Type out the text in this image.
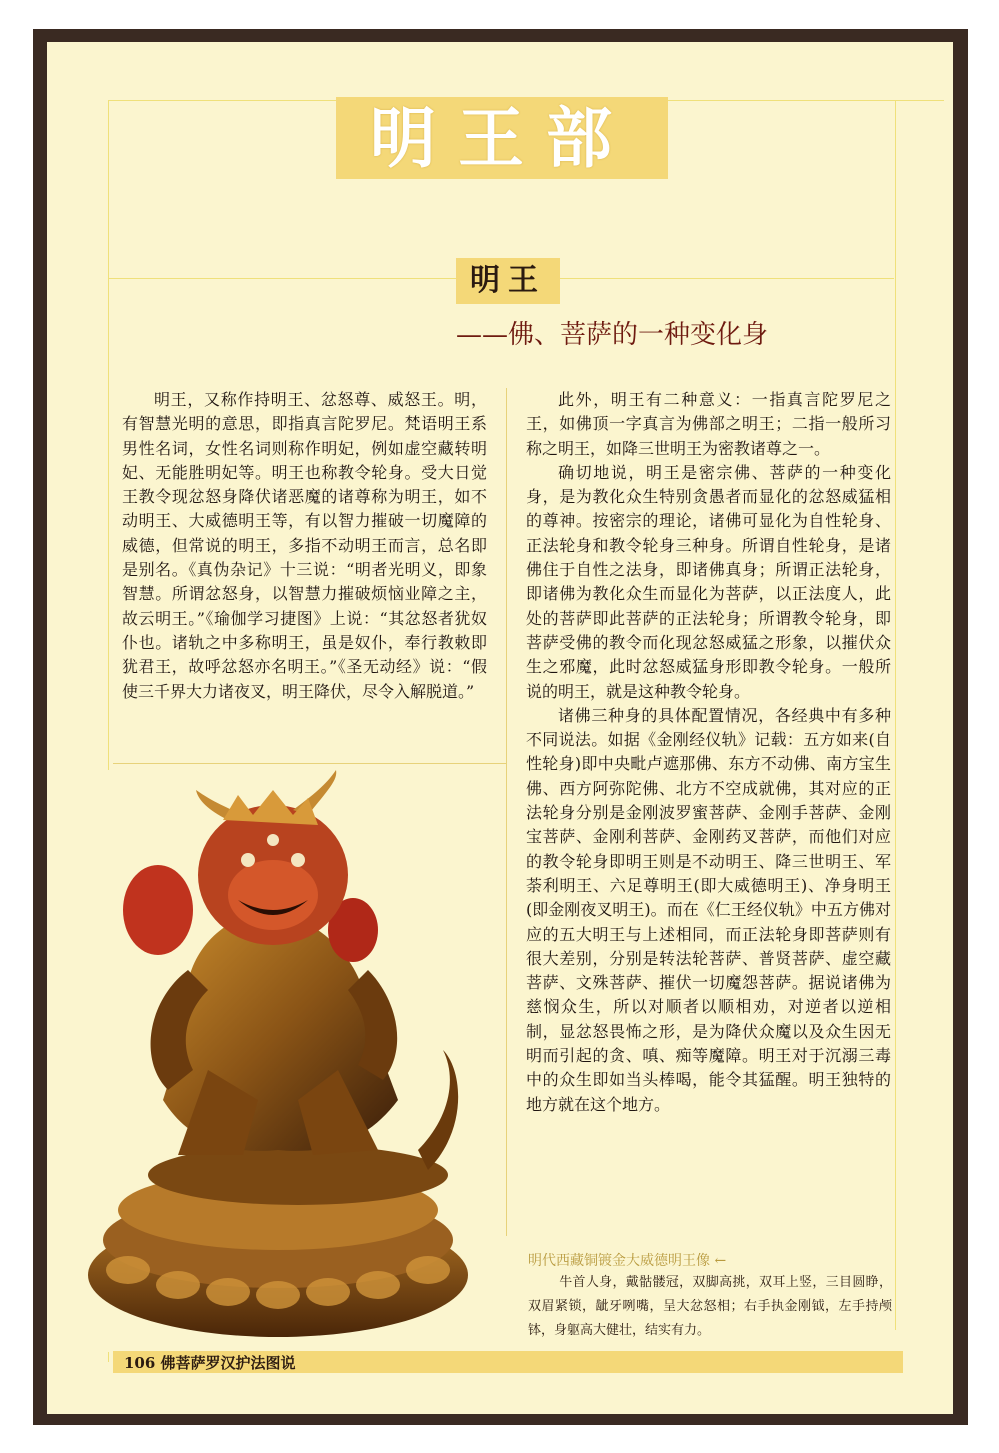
明王部
明王
——佛、菩萨的一种变化身

明王，又称作持明王、忿怒尊、威怒王。明，有智慧光明的意思，即指真言陀罗尼。梵语明王系男性名词，女性名词则称作明妃，例如虚空藏转明妃、无能胜明妃等。明王也称教令轮身。受大日觉王教令现忿怒身降伏诸恶魔的诸尊称为明王，如不动明王、大威德明王等，有以智力摧破一切魔障的威德，但常说的明王，多指不动明王而言，总名即是别名。《真伪杂记》十三说：“明者光明义，即象智慧。所谓忿怒身，以智慧力摧破烦恼业障之主，故云明王。”《瑜伽学习捷图》上说：“其忿怒者犹奴仆也。诸轨之中多称明王，虽是奴仆，奉行教敕即犹君王，故呼忿怒亦名明王。”《圣无动经》说：“假使三千界大力诸夜叉，明王降伏，尽令入解脱道。”

此外，明王有二种意义：一指真言陀罗尼之王，如佛顶一字真言为佛部之明王；二指一般所习称之明王，如降三世明王为密教诸尊之一。

确切地说，明王是密宗佛、菩萨的一种变化身，是为教化众生特别贪愚者而显化的忿怒威猛相的尊神。按密宗的理论，诸佛可显化为自性轮身、正法轮身和教令轮身三种身。所谓自性轮身，是诸佛住于自性之法身，即诸佛真身；所谓正法轮身，即诸佛为教化众生而显化为菩萨，以正法度人，此处的菩萨即此菩萨的正法轮身；所谓教令轮身，即菩萨受佛的教令而化现忿怒威猛之形象，以摧伏众生之邪魔，此时忿怒威猛身形即教令轮身。一般所说的明王，就是这种教令轮身。

诸佛三种身的具体配置情况，各经典中有多种不同说法。如据《金刚经仪轨》记载：五方如来(自性轮身)即中央毗卢遮那佛、东方不动佛、南方宝生佛、西方阿弥陀佛、北方不空成就佛，其对应的正法轮身分别是金刚波罗蜜菩萨、金刚手菩萨、金刚宝菩萨、金刚利菩萨、金刚药叉菩萨，而他们对应的教令轮身即明王则是不动明王、降三世明王、军荼利明王、六足尊明王(即大威德明王)、净身明王(即金刚夜叉明王)。而在《仁王经仪轨》中五方佛对应的五大明王与上述相同，而正法轮身即菩萨则有很大差别，分别是转法轮菩萨、普贤菩萨、虚空藏菩萨、文殊菩萨、摧伏一切魔怨菩萨。据说诸佛为慈悯众生，所以对顺者以顺相劝，对逆者以逆相制，显忿怒畏怖之形，是为降伏众魔以及众生因无明而引起的贪、嗔、痴等魔障。明王对于沉溺三毒中的众生即如当头棒喝，能令其猛醒。明王独特的地方就在这个地方。

明代西藏铜镀金大威德明王像 ←

牛首人身，戴骷髅冠，双脚高挑，双耳上竖，三目圆睁，双眉紧锁，龇牙咧嘴，呈大忿怒相；右手执金刚钺，左手持颅钵，身躯高大健壮，结实有力。

106 佛菩萨罗汉护法图说
